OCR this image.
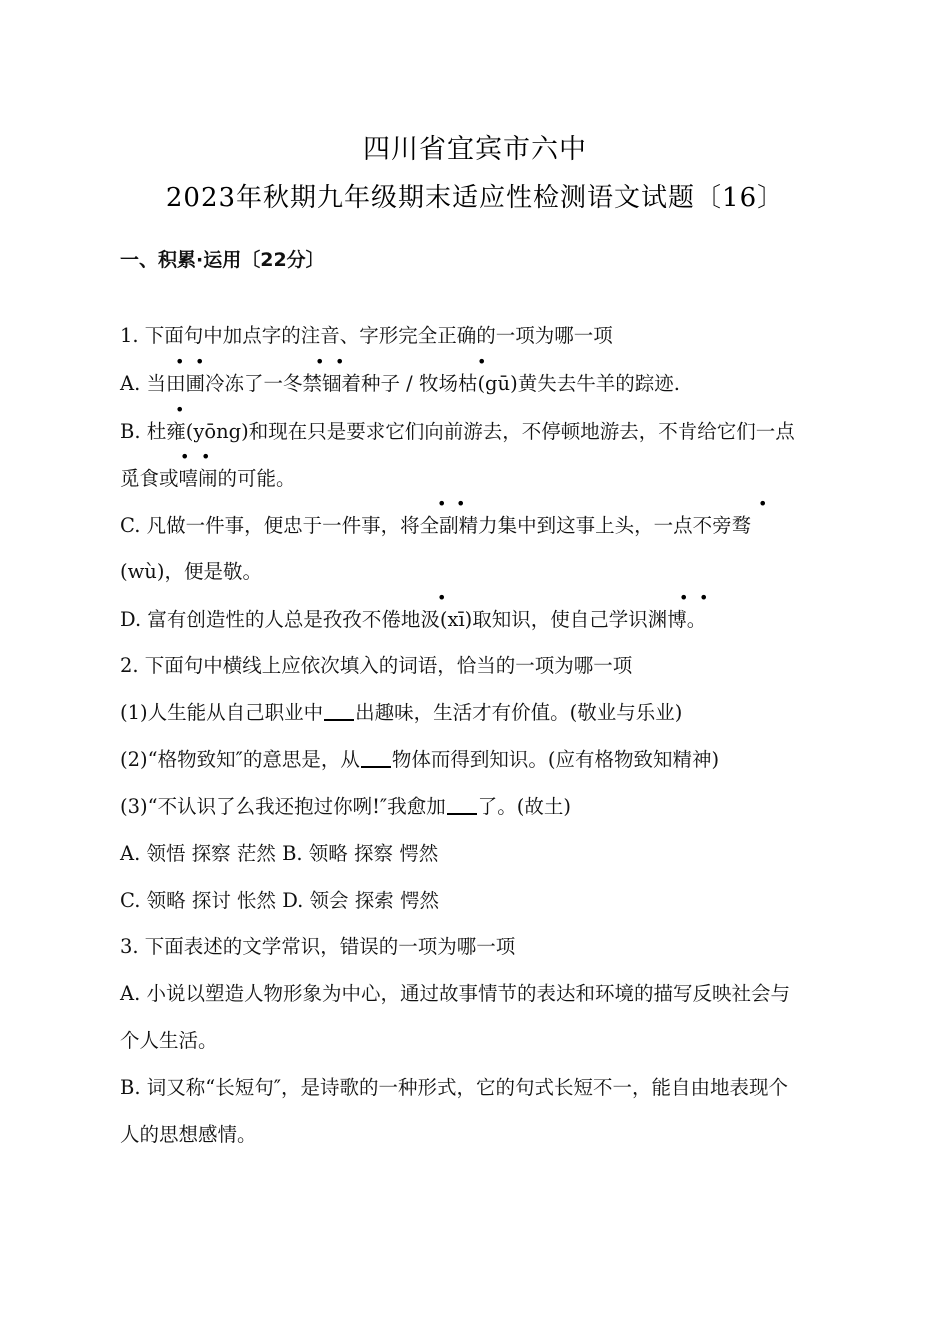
四川省宜宾市六中
2023年秋期九年级期末适应性检测语文试题〔16〕
一、积累·运用〔22分〕
1. 下面句中加点字的注音、字形完全正确的一项为哪一项
• •	• •	•
A. 当田圃冷冻了一冬禁锢着种子 / 牧场枯(gū)黄失去牛羊的踪迹.
•
B. 杜雍(yōng)和现在只是要求它们向前游去，不停顿地游去，不肯给它们一点
• •
觅食或嘻闹的可能。
• •	•
C. 凡做一件事，便忠于一件事，将全副精力集中到这事上头，一点不旁骛
(wù)，便是敬。
•	• •
D. 富有创造性的人总是孜孜不倦地汲(xī)取知识，使自己学识渊博。
2. 下面句中横线上应依次填入的词语，恰当的一项为哪一项
(1)人生能从自己职业中 出趣味，生活才有价值。(敬业与乐业)
(2)“格物致知″的意思是，从 物体而得到知识。(应有格物致知精神)
(3)“不认识了么我还抱过你咧!″我愈加 了。(故土)
A. 领悟 探察 茫然 B. 领略 探察 愕然
C. 领略 探讨 怅然 D. 领会 探索 愕然
3. 下面表述的文学常识，错误的一项为哪一项
A. 小说以塑造人物形象为中心，通过故事情节的表达和环境的描写反映社会与
个人生活。
B. 词又称“长短句″，是诗歌的一种形式，它的句式长短不一，能自由地表现个
人的思想感情。
